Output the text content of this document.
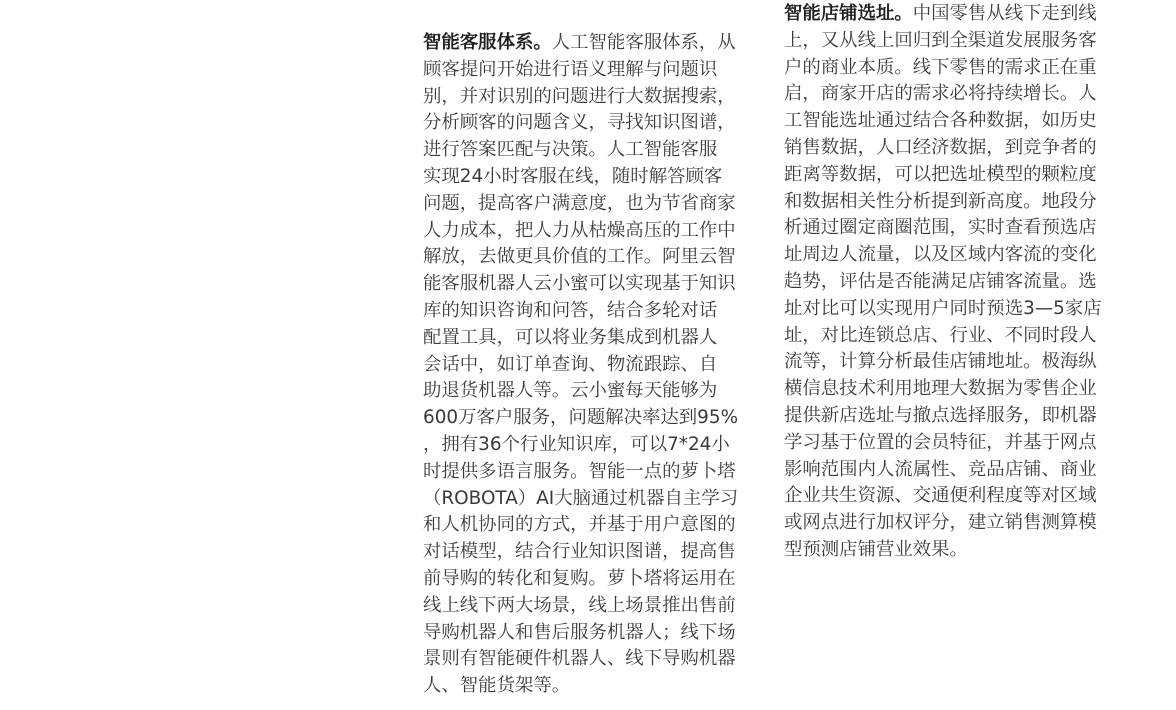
智能客服体系。人工智能客服体系，从
顾客提问开始进行语义理解与问题识
别，并对识别的问题进行大数据搜索，
分析顾客的问题含义，寻找知识图谱，
进行答案匹配与决策。人工智能客服
实现24小时客服在线，随时解答顾客
问题，提高客户满意度，也为节省商家
人力成本，把人力从枯燥高压的工作中
解放，去做更具价值的工作。阿里云智
能客服机器人云小蜜可以实现基于知识
库的知识咨询和问答，结合多轮对话
配置工具，可以将业务集成到机器人
会话中，如订单查询、物流跟踪、自
助退货机器人等。云小蜜每天能够为
600万客户服务，问题解决率达到95%
，拥有36个行业知识库，可以7*24小
时提供多语言服务。智能一点的萝卜塔
（ROBOTA）AI大脑通过机器自主学习
和人机协同的方式，并基于用户意图的
对话模型，结合行业知识图谱，提高售
前导购的转化和复购。萝卜塔将运用在
线上线下两大场景，线上场景推出售前
导购机器人和售后服务机器人；线下场
景则有智能硬件机器人、线下导购机器
人、智能货架等。
智能店铺选址。中国零售从线下走到线
上，又从线上回归到全渠道发展服务客
户的商业本质。线下零售的需求正在重
启，商家开店的需求必将持续增长。人
工智能选址通过结合各种数据，如历史
销售数据，人口经济数据，到竞争者的
距离等数据，可以把选址模型的颗粒度
和数据相关性分析提到新高度。地段分
析通过圈定商圈范围，实时查看预选店
址周边人流量，以及区域内客流的变化
趋势，评估是否能满足店铺客流量。选
址对比可以实现用户同时预选3—5家店
址，对比连锁总店、行业、不同时段人
流等，计算分析最佳店铺地址。极海纵
横信息技术利用地理大数据为零售企业
提供新店选址与撤点选择服务，即机器
学习基于位置的会员特征，并基于网点
影响范围内人流属性、竞品店铺、商业
企业共生资源、交通便利程度等对区域
或网点进行加权评分，建立销售测算模
型预测店铺营业效果。
